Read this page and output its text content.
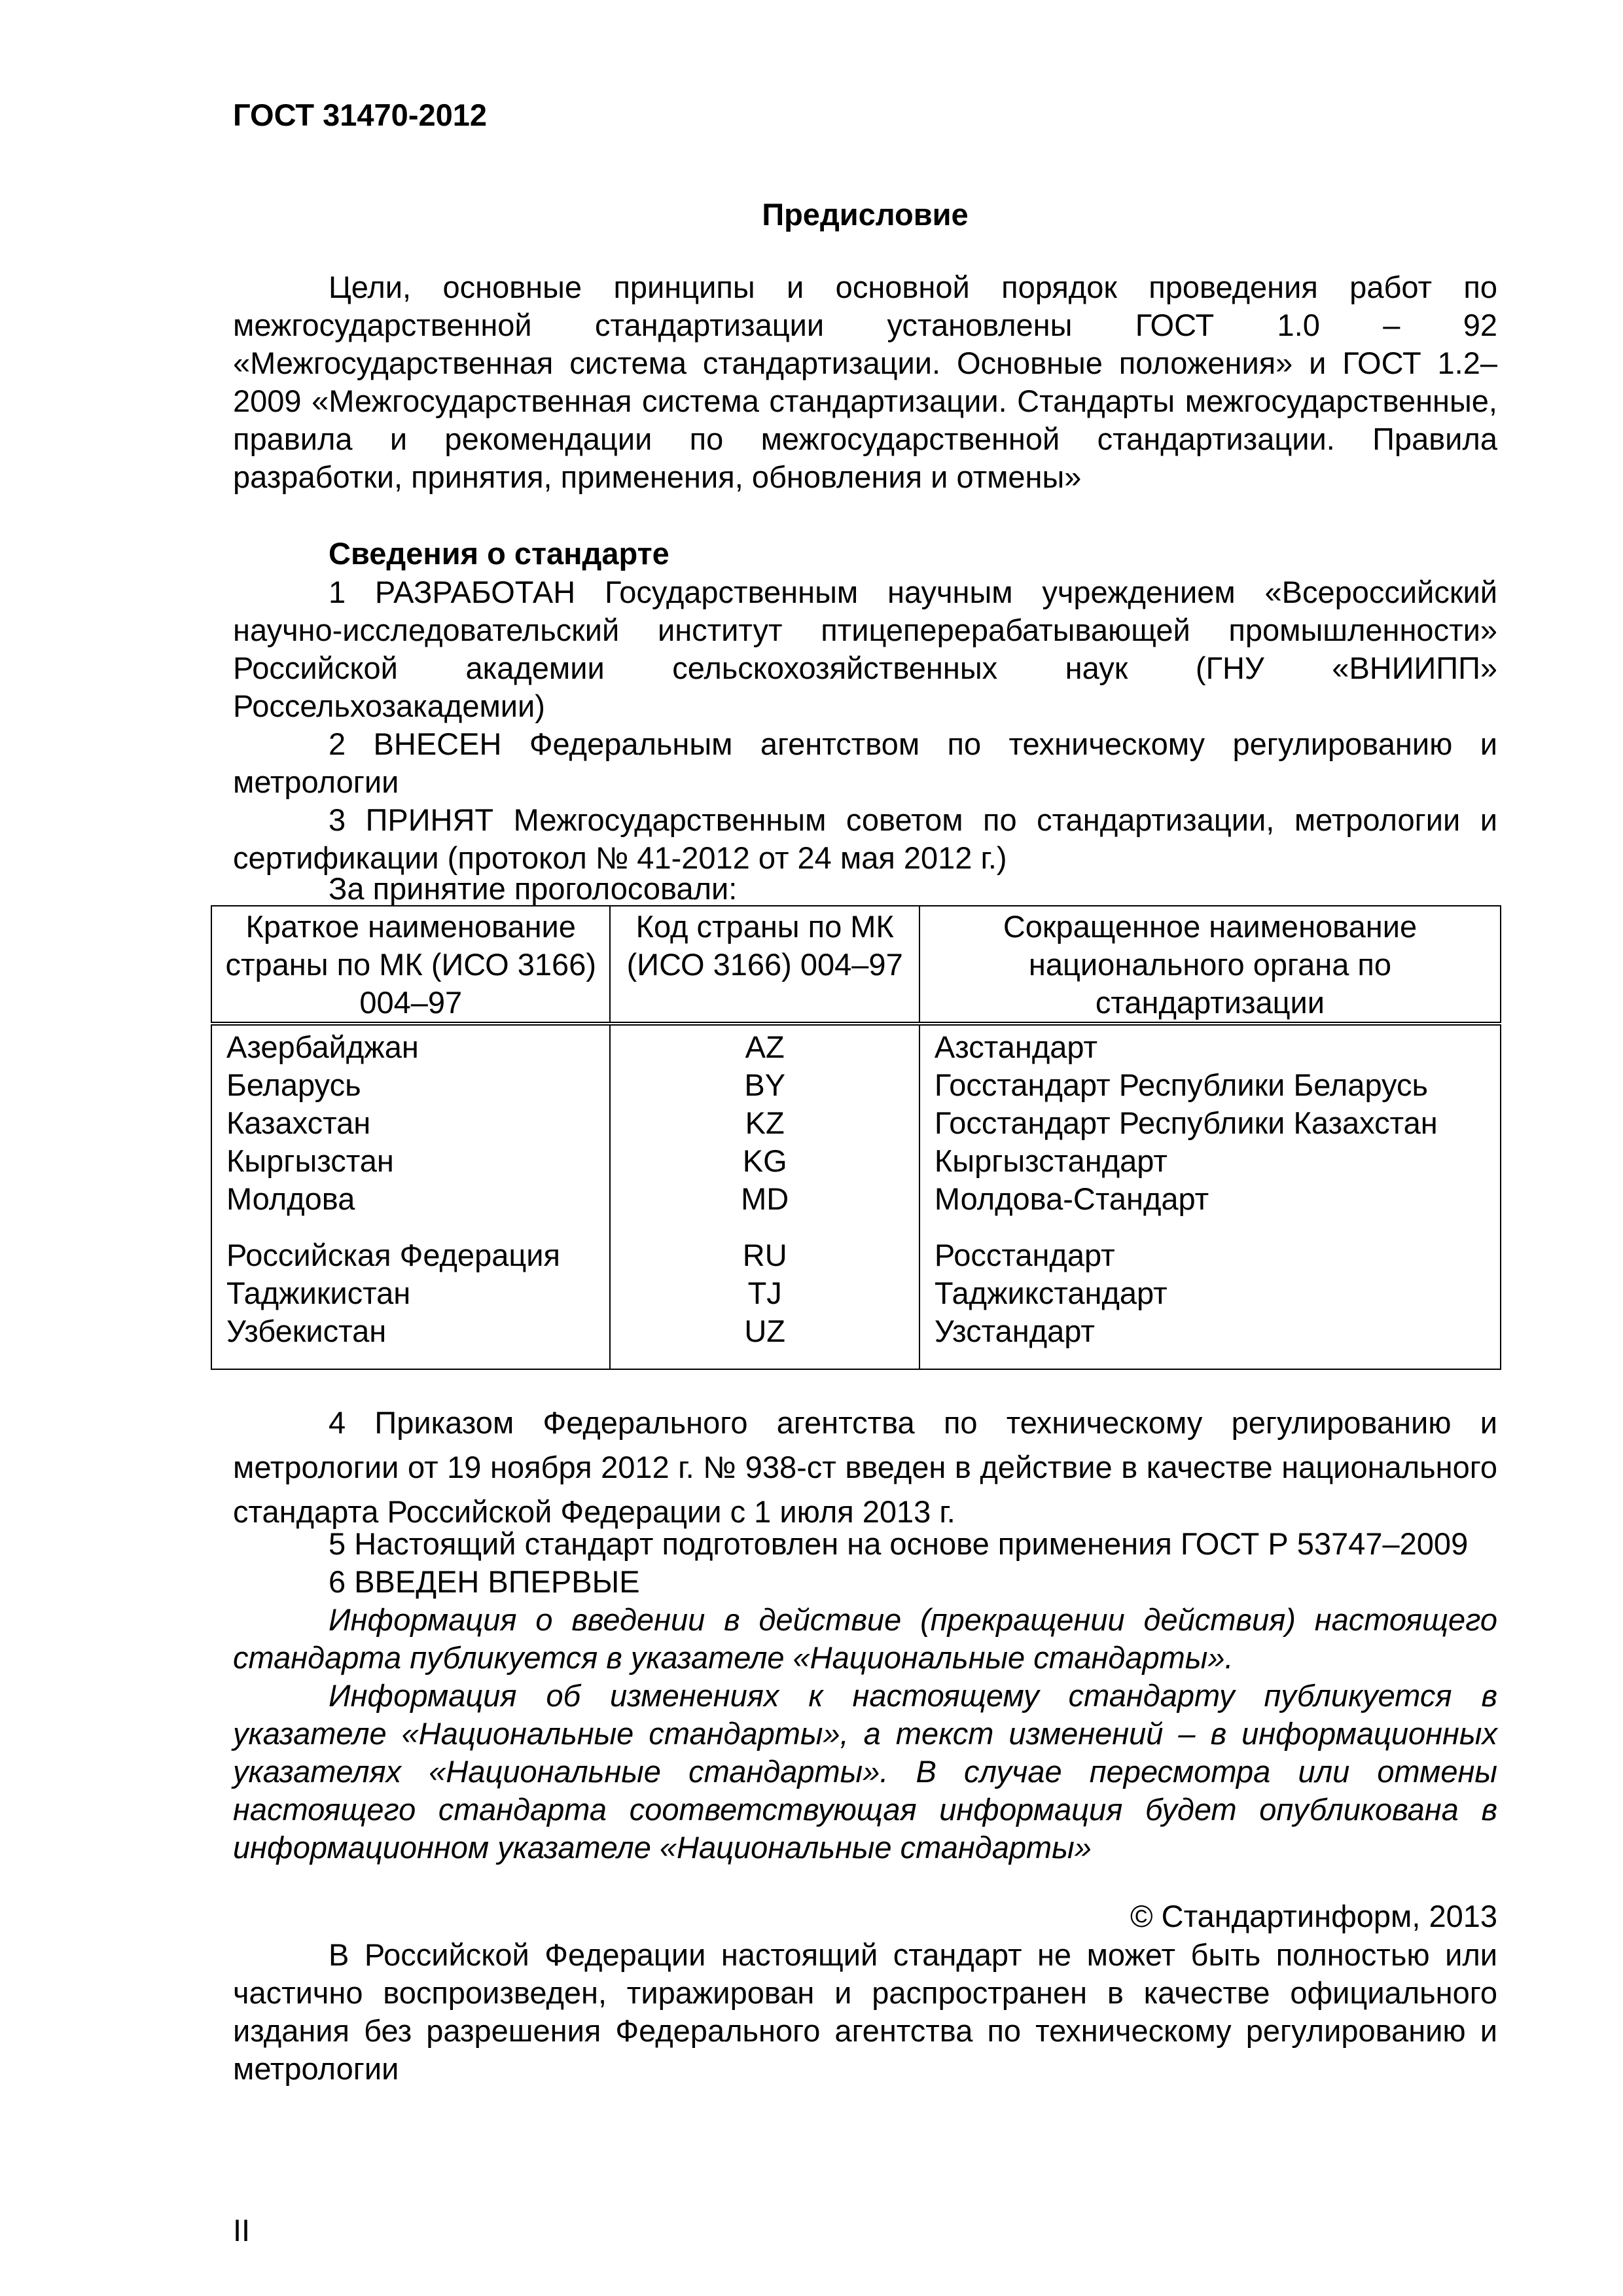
ГОСТ 31470-2012
Предисловие

Цели, основные принципы и основной порядок проведения работ по межгосударственной стандартизации установлены ГОСТ 1.0 – 92 «Межгосударственная система стандартизации. Основные положения» и ГОСТ 1.2–2009 «Межгосударственная система стандартизации. Стандарты межгосударственные, правила и рекомендации по межгосударственной стандартизации. Правила разработки, принятия, применения, обновления и отмены»

Сведения о стандарте

1 РАЗРАБОТАН Государственным научным учреждением «Всероссийский научно-исследовательский институт птицеперерабатывающей промышленности» Российской академии сельскохозяйственных наук (ГНУ «ВНИИПП» Россельхозакадемии)

2 ВНЕСЕН Федеральным агентством по техническому регулированию и метрологии

3 ПРИНЯТ Межгосударственным советом по стандартизации, метрологии и сертификации (протокол № 41-2012 от 24 мая 2012 г.)

За принятие проголосовали:
Краткое наименование страны по МК (ИСО 3166) 004–97	Код страны по МК (ИСО 3166) 004–97	Сокращенное наименование национального органа по стандартизации
Азербайджан	AZ	Азстандарт
Беларусь	BY	Госстандарт Республики Беларусь
Казахстан	KZ	Госстандарт Республики Казахстан
Кыргызстан	KG	Кыргызстандарт
Молдова	MD	Молдова-Стандарт
Российская Федерация	RU	Росстандарт
Таджикистан	TJ	Таджикстандарт
Узбекистан	UZ	Узстандарт

4 Приказом Федерального агентства по техническому регулированию и метрологии от 19 ноября 2012 г. № 938-ст введен в действие в качестве национального стандарта Российской Федерации с 1 июля 2013 г.

5 Настоящий стандарт подготовлен на основе применения ГОСТ Р 53747–2009

6 ВВЕДЕН ВПЕРВЫЕ

Информация о введении в действие (прекращении действия) настоящего стандарта публикуется в указателе «Национальные стандарты».

Информация об изменениях к настоящему стандарту публикуется в указателе «Национальные стандарты», а текст изменений – в информационных указателях «Национальные стандарты». В случае пересмотра или отмены настоящего стандарта соответствующая информация будет опубликована в информационном указателе «Национальные стандарты»

© Стандартинформ, 2013

В Российской Федерации настоящий стандарт не может быть полностью или частично воспроизведен, тиражирован и распространен в качестве официального издания без разрешения Федерального агентства по техническому регулированию и метрологии

II
